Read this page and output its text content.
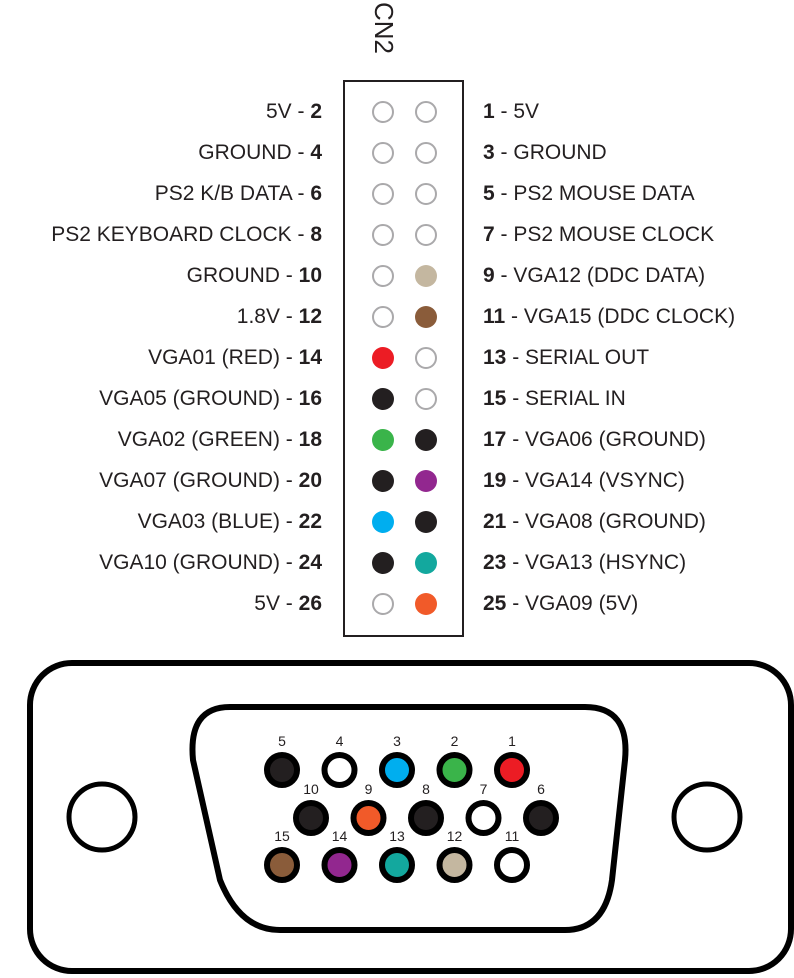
CN2
5V - 2	1 - 5V
GROUND - 4	3 - GROUND
PS2 K/B DATA - 6	5 - PS2 MOUSE DATA
PS2 KEYBOARD CLOCK - 8	7 - PS2 MOUSE CLOCK
GROUND - 10	9 - VGA12 (DDC DATA)
1.8V - 12	11 - VGA15 (DDC CLOCK)
VGA01 (RED) - 14	13 - SERIAL OUT
VGA05 (GROUND) - 16	15 - SERIAL IN
VGA02 (GREEN) - 18	17 - VGA06 (GROUND)
VGA07 (GROUND) - 20	19 - VGA14 (VSYNC)
VGA03 (BLUE) - 22	21 - VGA08 (GROUND)
VGA10 (GROUND) - 24	23 - VGA13 (HSYNC)
5V - 26	25 - VGA09 (5V)
5	4	3	2	1
10	9	8	7	6
15	14	13	12	11
